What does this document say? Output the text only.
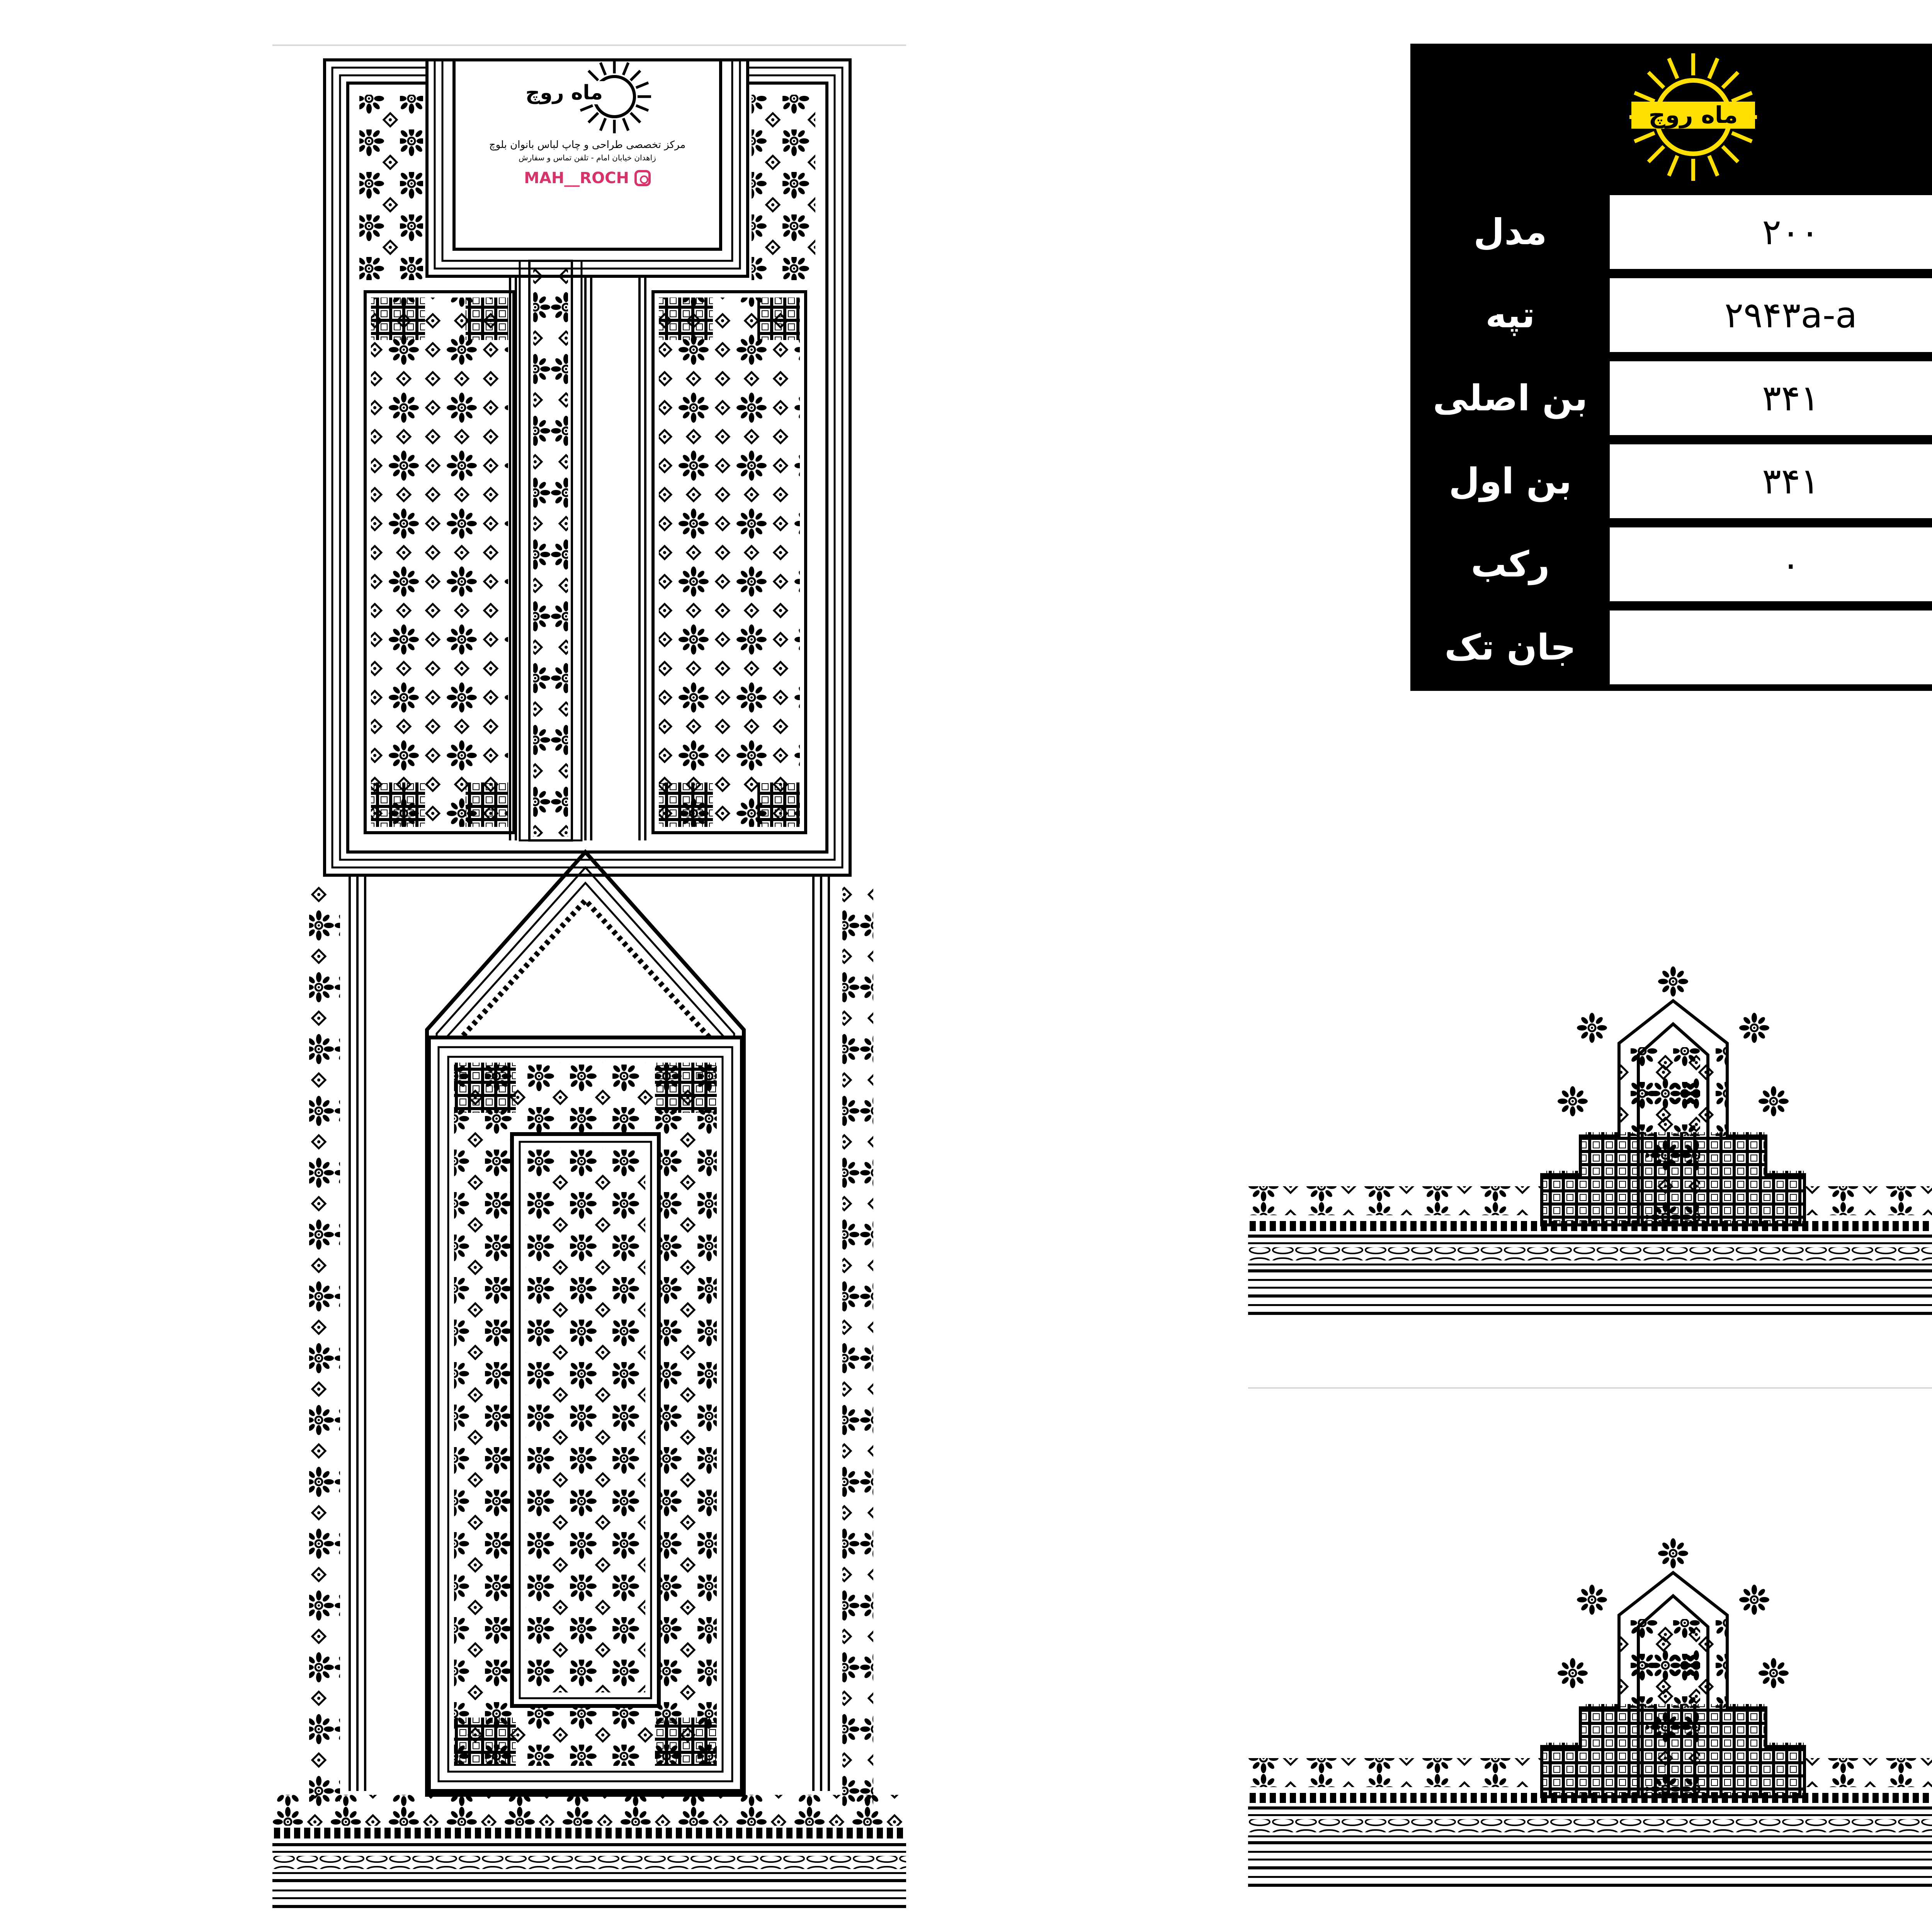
ماه روچ
مرکز تخصصی طراحی و چاپ لباس بانوان بلوچ
زاهدان خیابان امام - تلفن تماس و سفارش
MAH__ROCH
ماه روچ
مدل	۲۰۰
تپه	۲۹۴۳a-a
بن اصلی	۳۴۱
بن اول	۳۴۱
رکب	۰
جان تک
